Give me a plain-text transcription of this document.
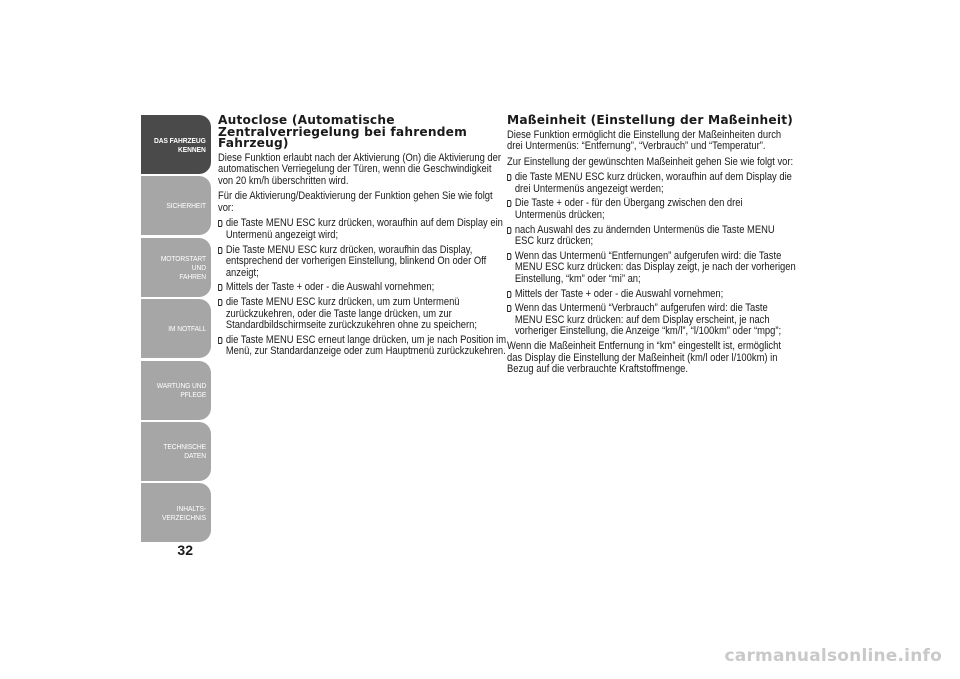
DAS FAHRZEUG
KENNEN
SICHERHEIT
MOTORSTART UND
FAHREN
IM NOTFALL
WARTUNG UND
PFLEGE
TECHNISCHE DATEN
INHALTS-
VERZEICHNIS
32
Autoclose (Automatische Zentralverriegelung bei fahrendem Fahrzeug)

Diese Funktion erlaubt nach der Aktivierung (On) die Aktivierung der automatischen Verriegelung der Türen, wenn die Geschwindigkeit von 20 km/h überschritten wird.

Für die Aktivierung/Deaktivierung der Funktion gehen Sie wie folgt vor:

die Taste MENU ESC kurz drücken, woraufhin auf dem Display ein Untermenü angezeigt wird;
Die Taste MENU ESC kurz drücken, woraufhin das Display, entsprechend der vorherigen Einstellung, blinkend On oder Off anzeigt;
Mittels der Taste + oder - die Auswahl vornehmen;
die Taste MENU ESC kurz drücken, um zum Untermenü zurückzukehren, oder die Taste lange drücken, um zur Standardbildschirmseite zurückzukehren ohne zu speichern;
die Taste MENU ESC erneut lange drücken, um je nach Position im Menü, zur Standardanzeige oder zum Hauptmenü zurückzukehren.
Maßeinheit (Einstellung der Maßeinheit)

Diese Funktion ermöglicht die Einstellung der Maßeinheiten durch drei Untermenüs: “Entfernung”, “Verbrauch” und “Temperatur”.

Zur Einstellung der gewünschten Maßeinheit gehen Sie wie folgt vor:

die Taste MENU ESC kurz drücken, woraufhin auf dem Display die drei Untermenüs angezeigt werden;
Die Taste + oder - für den Übergang zwischen den drei Untermenüs drücken;
nach Auswahl des zu ändernden Untermenüs die Taste MENU ESC kurz drücken;
Wenn das Untermenü “Entfernungen” aufgerufen wird: die Taste MENU ESC kurz drücken: das Display zeigt, je nach der vorherigen Einstellung, “km” oder “mi” an;
Mittels der Taste + oder - die Auswahl vornehmen;
Wenn das Untermenü “Verbrauch” aufgerufen wird: die Taste MENU ESC kurz drücken: auf dem Display erscheint, je nach vorheriger Einstellung, die Anzeige “km/l”, “l/100km” oder “mpg”;

Wenn die Maßeinheit Entfernung in “km” eingestellt ist, ermöglicht das Display die Einstellung der Maßeinheit (km/l oder l/100km) in Bezug auf die verbrauchte Kraftstoffmenge.

carmanualsonline.info
